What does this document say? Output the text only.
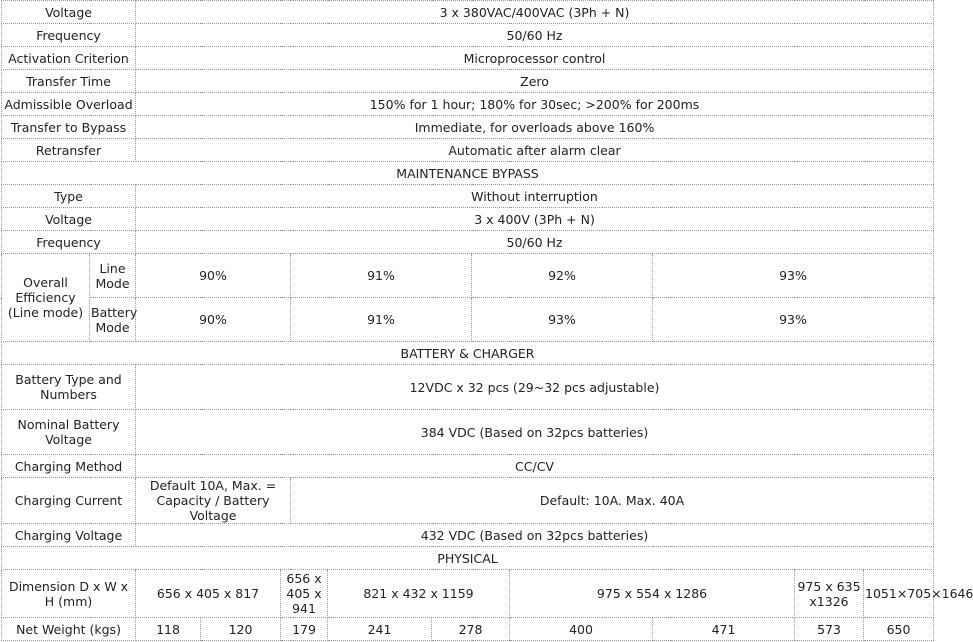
Voltage		3 x 380VAC/400VAC (3Ph + N)											
Frequency		50/60 Hz											
Activation Criterion		Microprocessor control											
Transfer Time		Zero											
Admissible Overload		150% for 1 hour; 180% for 30sec; >200% for 200ms											
Transfer to Bypass		Immediate, for overloads above 160%											
Retransfer		Automatic after alarm clear											
MAINTENANCE BYPASS													
Type		Without interruption											
Voltage		3 x 400V (3Ph + N)											
Frequency		50/60 Hz											
Overall Efficiency (Line mode)	Line Mode	90%			91%			92%		93%			
	Battery Mode	90%			91%			93%		93%			
BATTERY & CHARGER													
Battery Type and Numbers		12VDC x 32 pcs (29~32 pcs adjustable)											
Nominal Battery Voltage		384 VDC (Based on 32pcs batteries)											
Charging Method		CC/CV											
Charging Current		Default 10A, Max. = Capacity / Battery Voltage			Default: 10A. Max. 40A								
Charging Voltage		432 VDC (Based on 32pcs batteries)											
PHYSICAL													
Dimension D x W x H (mm)		656 x 405 x 817		656 x 405 x 941		821 x 432 x 1159			975 x 554 x 1286		975 x 635 x1326	1051×705×1646	
Net Weight (kgs)		118	120	179		241	278		400	471	573	650		
